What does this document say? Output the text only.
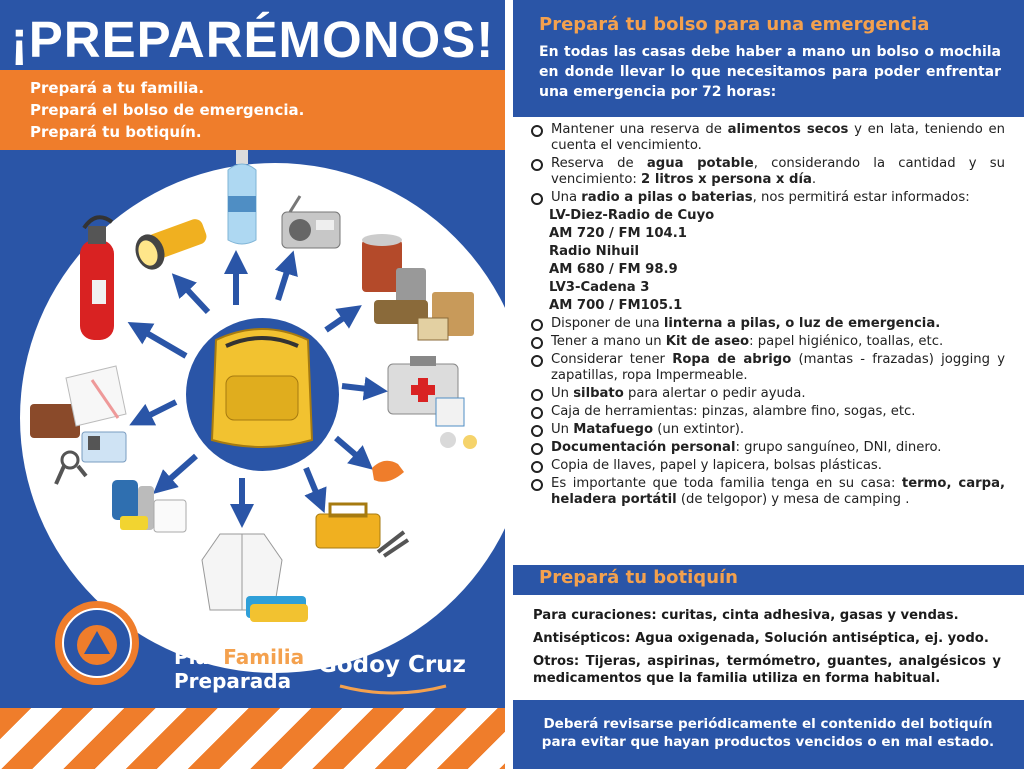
¡PREPARÉMONOS!
Prepará a tu familia.
Prepará el bolso de emergencia.
Prepará tu botiquín.
PlanFamilia
Preparada
Godoy Cruz
Prepará tu bolso para una emergencia
En todas las casas debe haber a mano un bolso o mochila en donde llevar lo que necesitamos para poder enfrentar una emergencia por 72 horas:
Mantener una reserva de alimentos secos y en lata, teniendo en cuenta el vencimiento.
Reserva de agua potable, considerando la cantidad y su vencimiento: 2 litros x persona x día.
Una radio a pilas o baterias, nos permitirá estar informados:
LV-Diez-Radio de Cuyo
AM 720 / FM 104.1
Radio Nihuil
AM 680 / FM 98.9
LV3-Cadena 3
AM 700 / FM105.1
Disponer de una linterna a pilas, o luz de emergencia.
Tener a mano un Kit de aseo: papel higiénico, toallas, etc.
Considerar tener Ropa de abrigo (mantas - frazadas) jogging y zapatillas, ropa Impermeable.
Un silbato para alertar o pedir ayuda.
Caja de herramientas: pinzas, alambre fino, sogas, etc.
Un Matafuego (un extintor).
Documentación personal: grupo sanguíneo, DNI, dinero.
Copia de llaves, papel y lapicera, bolsas plásticas.
Es importante que toda familia tenga en su casa: termo, carpa, heladera portátil (de telgopor) y mesa de camping .
Prepará tu botiquín
Para curaciones: curitas, cinta adhesiva, gasas y vendas.
Antisépticos: Agua oxigenada, Solución antiséptica, ej. yodo.
Otros: Tijeras, aspirinas, termómetro, guantes, analgésicos y medicamentos que la familia utiliza en forma habitual.
Deberá revisarse periódicamente el contenido del botiquín para evitar que hayan productos vencidos o en mal estado.
